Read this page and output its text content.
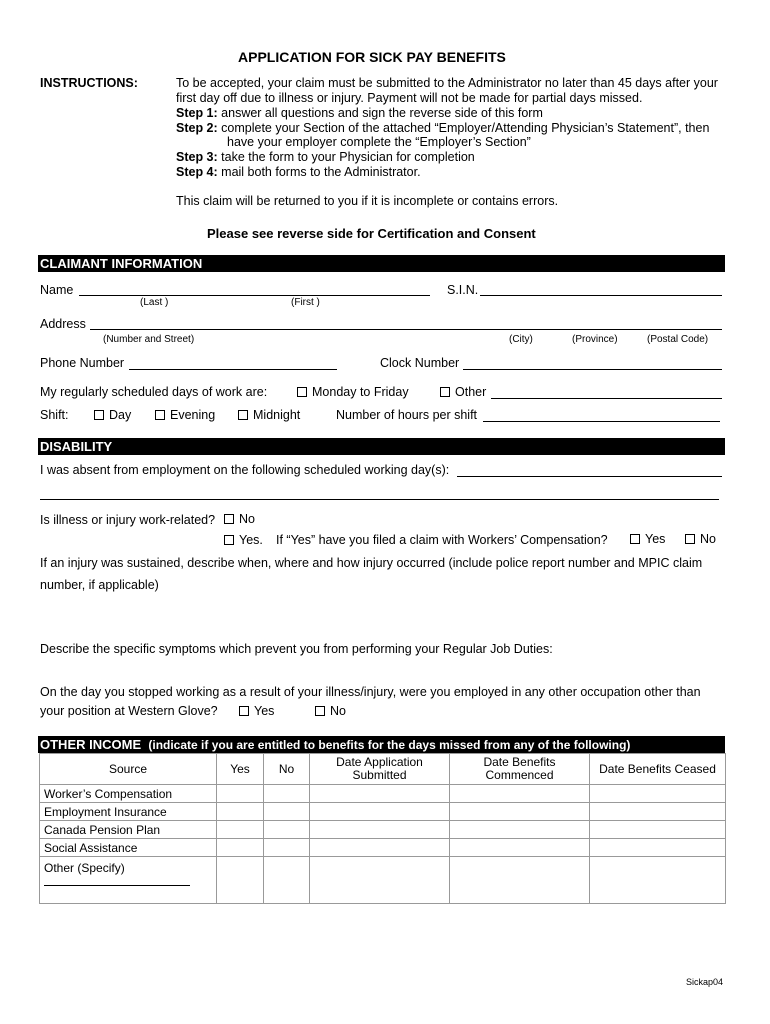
APPLICATION FOR SICK PAY BENEFITS
INSTRUCTIONS:	To be accepted, your claim must be submitted to the Administrator no later than 45 days after your
first day off due to illness or injury. Payment will not be made for partial days missed.
Step 1: answer all questions and sign the reverse side of this form
Step 2: complete your Section of the attached “Employer/Attending Physician’s Statement”, then
have your employer complete the “Employer’s Section”
Step 3: take the form to your Physician for completion
Step 4: mail both forms to the Administrator.
This claim will be returned to you if it is incomplete or contains errors.
Please see reverse side for Certification and Consent
CLAIMANT INFORMATION
Name
(Last )	(First )
S.I.N.
Address
(Number and Street)	(City)	(Province)	(Postal Code)
Phone Number	Clock Number
My regularly scheduled days of work are:	Monday to Friday	Other
Shift:	Day	Evening	Midnight	Number of hours per shift
DISABILITY
I was absent from employment on the following scheduled working day(s):
Is illness or injury work-related?	No
Yes. If “Yes” have you filed a claim with Workers’ Compensation?	Yes	No
If an injury was sustained, describe when, where and how injury occurred (include police report number and MPIC claim
number, if applicable)
Describe the specific symptoms which prevent you from performing your Regular Job Duties:
On the day you stopped working as a result of your illness/injury, were you employed in any other occupation other than
your position at Western Glove?	Yes	No
OTHER INCOME (indicate if you are entitled to benefits for the days missed from any of the following)
Source	Yes	No	Date Application Submitted	Date Benefits Commenced	Date Benefits Ceased
Worker’s Compensation					
Employment Insurance					
Canada Pension Plan					
Social Assistance					
Other (Specify)

Sickap04
